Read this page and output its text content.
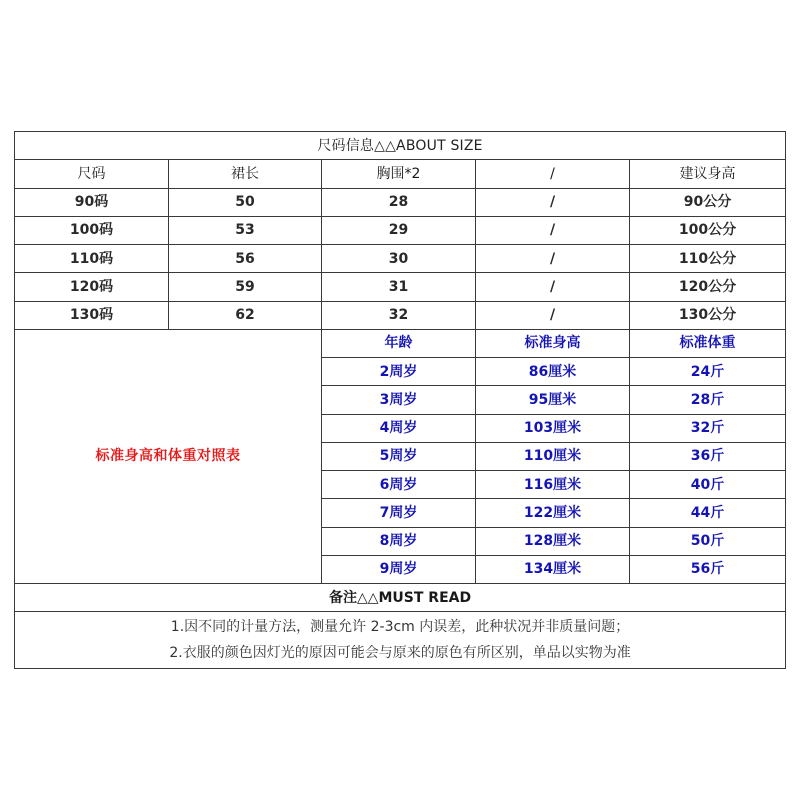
尺码信息△△ABOUT SIZE				
尺码	裙长	胸围*2	/	建议身高
90码	50	28	/	90公分
100码	53	29	/	100公分
110码	56	30	/	110公分
120码	59	31	/	120公分
130码	62	32	/	130公分
标准身高和体重对照表		年龄	标准身高	标准体重
		2周岁	86厘米	24斤
		3周岁	95厘米	28斤
		4周岁	103厘米	32斤
		5周岁	110厘米	36斤
		6周岁	116厘米	40斤
		7周岁	122厘米	44斤
		8周岁	128厘米	50斤
		9周岁	134厘米	56斤
备注△△MUST READ				

1.因不同的计量方法，测量允许 2-3cm 内误差，此种状况并非质量问题；
2.衣服的颜色因灯光的原因可能会与原来的原色有所区别，单品以实物为准				
